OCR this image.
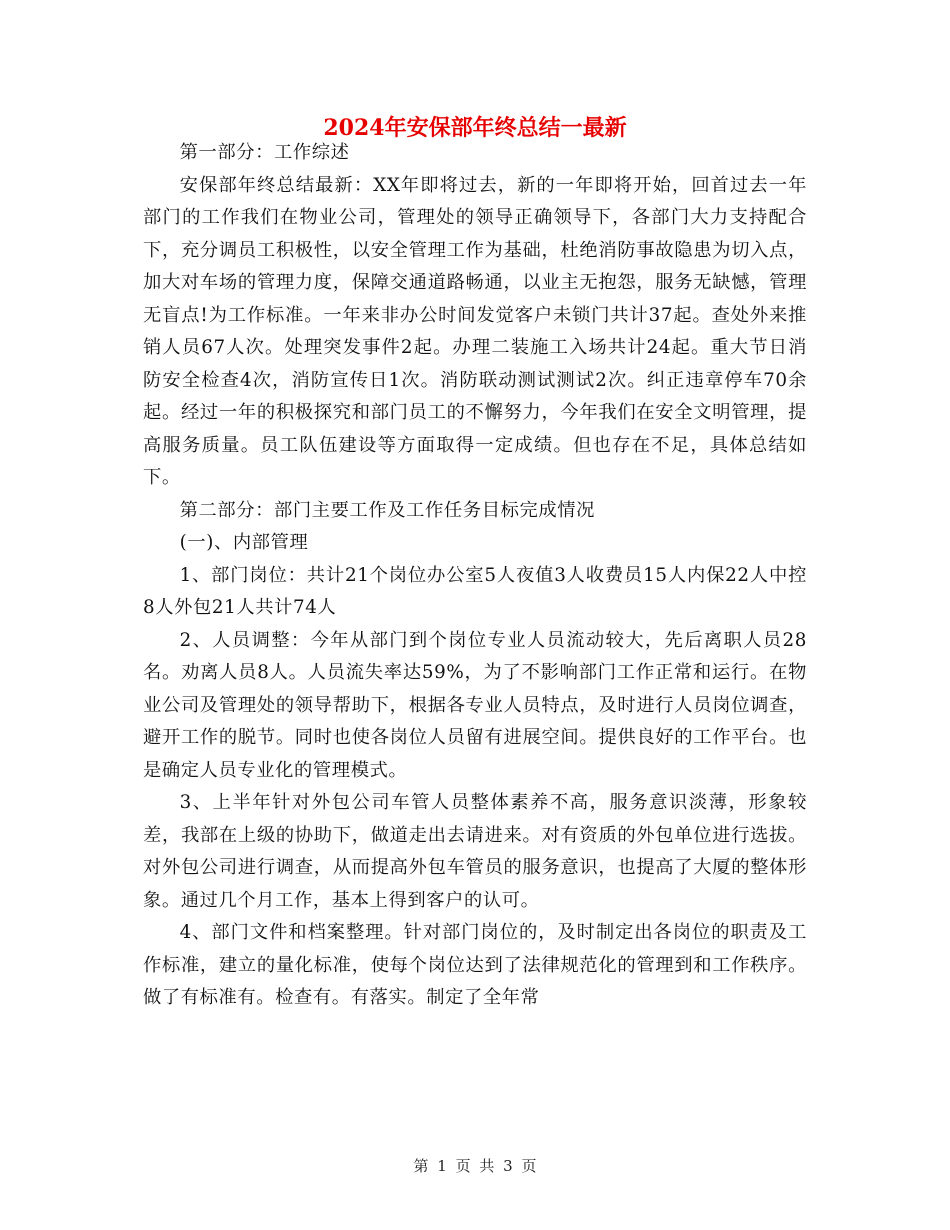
2024年安保部年终总结一最新

第一部分：工作综述

安保部年终总结最新：XX年即将过去，新的一年即将开始，回首过去一年部门的工作我们在物业公司，管理处的领导正确领导下，各部门大力支持配合下，充分调员工积极性，以安全管理工作为基础，杜绝消防事故隐患为切入点，加大对车场的管理力度，保障交通道路畅通，以业主无抱怨，服务无缺憾，管理无盲点!为工作标准。一年来非办公时间发觉客户未锁门共计37起。查处外来推销人员67人次。处理突发事件2起。办理二装施工入场共计24起。重大节日消防安全检查4次，消防宣传日1次。消防联动测试测试2次。纠正违章停车70余起。经过一年的积极探究和部门员工的不懈努力，今年我们在安全文明管理，提高服务质量。员工队伍建设等方面取得一定成绩。但也存在不足，具体总结如下。

第二部分：部门主要工作及工作任务目标完成情况

(一)、内部管理

1、部门岗位：共计21个岗位办公室5人夜值3人收费员15人内保22人中控8人外包21人共计74人

2、人员调整：今年从部门到个岗位专业人员流动较大，先后离职人员28名。劝离人员8人。人员流失率达59%，为了不影响部门工作正常和运行。在物业公司及管理处的领导帮助下，根据各专业人员特点，及时进行人员岗位调查，避开工作的脱节。同时也使各岗位人员留有进展空间。提供良好的工作平台。也是确定人员专业化的管理模式。

3、上半年针对外包公司车管人员整体素养不高，服务意识淡薄，形象较差，我部在上级的协助下，做道走出去请进来。对有资质的外包单位进行选拔。对外包公司进行调查，从而提高外包车管员的服务意识，也提高了大厦的整体形象。通过几个月工作，基本上得到客户的认可。

4、部门文件和档案整理。针对部门岗位的，及时制定出各岗位的职责及工作标准，建立的量化标准，使每个岗位达到了法律规范化的管理到和工作秩序。做了有标准有。检查有。有落实。制定了全年常

第 1 页 共 3 页
